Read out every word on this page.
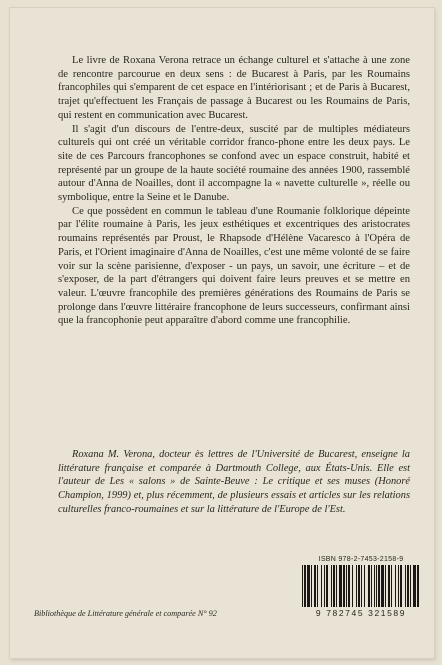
Le livre de Roxana Verona retrace un échange culturel et s'attache à une zone de rencontre parcourue en deux sens : de Bucarest à Paris, par les Roumains francophiles qui s'emparent de cet espace en l'intériorisant ; et de Paris à Bucarest, trajet qu'effectuent les Français de passage à Bucarest ou les Roumains de Paris, qui restent en communication avec Bucarest.

Il s'agit d'un discours de l'entre-deux, suscité par de multiples médiateurs culturels qui ont créé un véritable corridor franco-phone entre les deux pays. Le site de ces Parcours francophones se confond avec un espace construit, habité et représenté par un groupe de la haute société roumaine des années 1900, rassemblé autour d'Anna de Noailles, dont il accompagne la « navette culturelle », réelle ou symbolique, entre la Seine et le Danube.

Ce que possèdent en commun le tableau d'une Roumanie folklorique dépeinte par l'élite roumaine à Paris, les jeux esthétiques et excentriques des aristocrates roumains représentés par Proust, le Rhapsode d'Hélène Vacaresco à l'Opéra de Paris, et l'Orient imaginaire d'Anna de Noailles, c'est une même volonté de se faire voir sur la scène parisienne, d'exposer - un pays, un savoir, une écriture – et de s'exposer, de la part d'étrangers qui doivent faire leurs preuves et se mettre en valeur. L'œuvre francophile des premières générations des Roumains de Paris se prolonge dans l'œuvre littéraire francophone de leurs successeurs, confirmant ainsi que la francophonie peut apparaître d'abord comme une francophilie.

Roxana M. Verona, docteur ès lettres de l'Université de Bucarest, enseigne la littérature française et comparée à Dartmouth College, aux États-Unis. Elle est l'auteur de Les « salons » de Sainte-Beuve : Le critique et ses muses (Honoré Champion, 1999) et, plus récemment, de plusieurs essais et articles sur les relations culturelles franco-roumaines et sur la littérature de l'Europe de l'Est.

Bibliothèque de Littérature générale et comparée N° 92
ISBN 978-2-7453-2158-9
9 782745 321589
